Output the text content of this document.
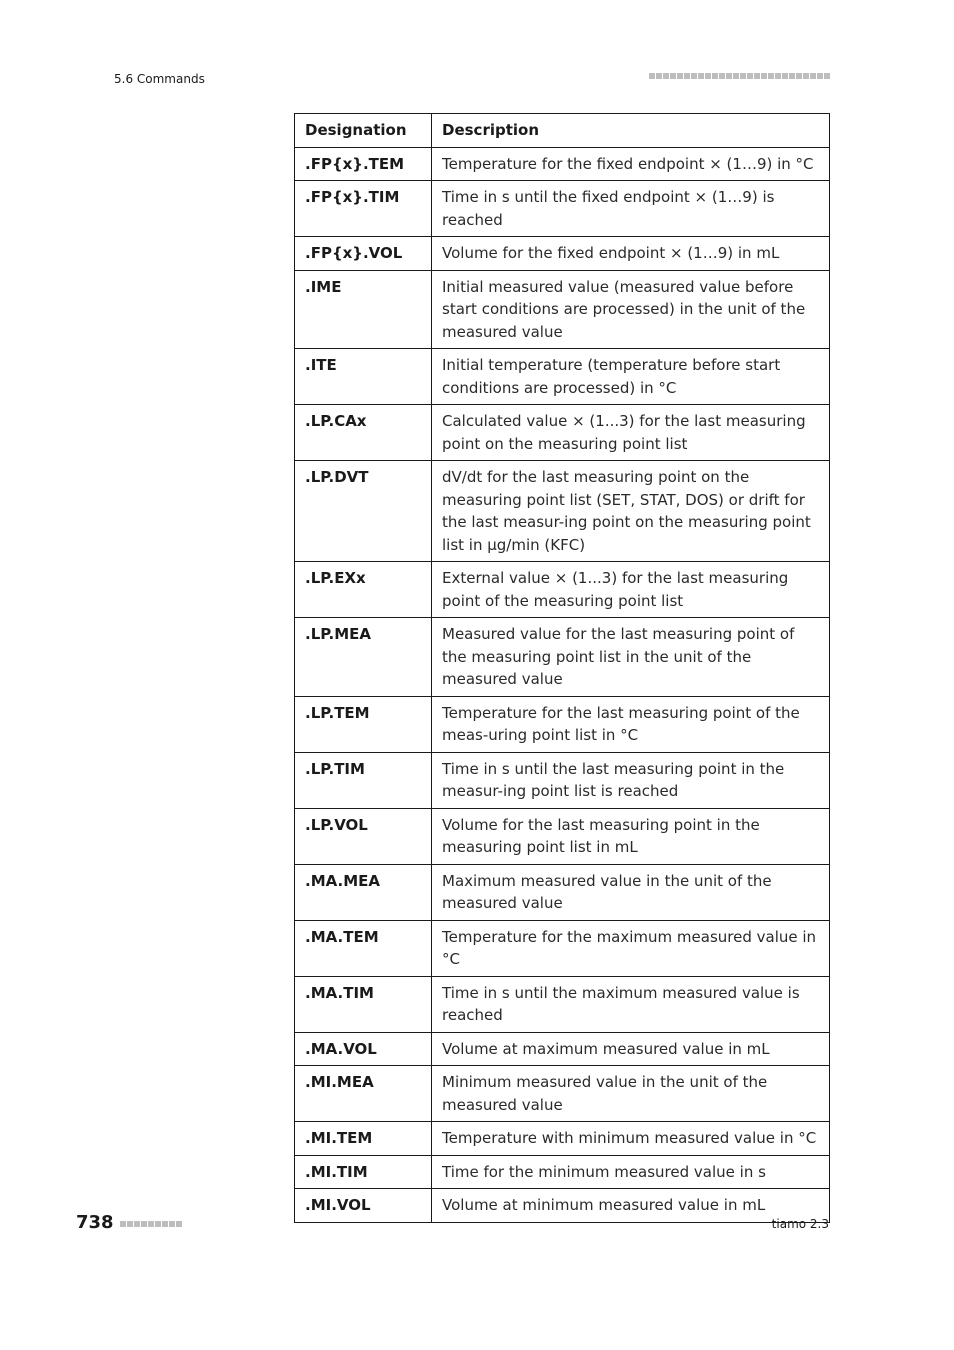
5.6 Commands
Designation	Description
.FP{x}.TEM	Temperature for the fixed endpoint × (1…9) in °C
.FP{x}.TIM	Time in s until the fixed endpoint × (1…9) is reached
.FP{x}.VOL	Volume for the fixed endpoint × (1…9) in mL
.IME	Initial measured value (measured value before start conditions are processed) in the unit of the measured value
.ITE	Initial temperature (temperature before start conditions are processed) in °C
.LP.CAx	Calculated value × (1...3) for the last measuring point on the measuring point list
.LP.DVT	dV/dt for the last measuring point on the measuring point list (SET, STAT, DOS) or drift for the last measur-ing point on the measuring point list in µg/min (KFC)
.LP.EXx	External value × (1...3) for the last measuring point of the measuring point list
.LP.MEA	Measured value for the last measuring point of the measuring point list in the unit of the measured value
.LP.TEM	Temperature for the last measuring point of the meas-uring point list in °C
.LP.TIM	Time in s until the last measuring point in the measur-ing point list is reached
.LP.VOL	Volume for the last measuring point in the measuring point list in mL
.MA.MEA	Maximum measured value in the unit of the measured value
.MA.TEM	Temperature for the maximum measured value in °C
.MA.TIM	Time in s until the maximum measured value is reached
.MA.VOL	Volume at maximum measured value in mL
.MI.MEA	Minimum measured value in the unit of the measured value
.MI.TEM	Temperature with minimum measured value in °C
.MI.TIM	Time for the minimum measured value in s
.MI.VOL	Volume at minimum measured value in mL
738	tiamo 2.3
